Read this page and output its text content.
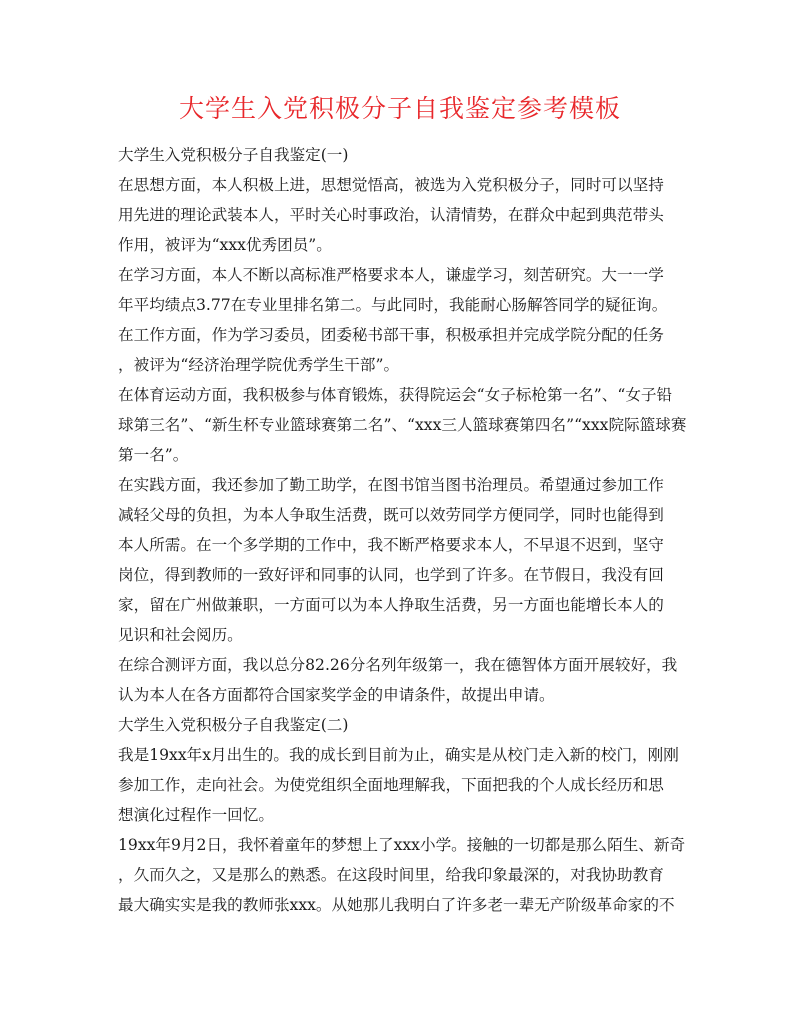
大学生入党积极分子自我鉴定参考模板
大学生入党积极分子自我鉴定(一)
在思想方面，本人积极上进，思想觉悟高，被选为入党积极分子，同时可以坚持
用先进的理论武装本人，平时关心时事政治，认清情势，在群众中起到典范带头
作用，被评为“xxx优秀团员”。
在学习方面，本人不断以高标准严格要求本人，谦虚学习，刻苦研究。大一一学
年平均绩点3.77在专业里排名第二。与此同时，我能耐心肠解答同学的疑征询。
在工作方面，作为学习委员，团委秘书部干事，积极承担并完成学院分配的任务
，被评为“经济治理学院优秀学生干部”。
在体育运动方面，我积极参与体育锻炼，获得院运会“女子标枪第一名”、“女子铅
球第三名”、“新生杯专业篮球赛第二名”、“xxx三人篮球赛第四名”“xxx院际篮球赛
第一名”。
在实践方面，我还参加了勤工助学，在图书馆当图书治理员。希望通过参加工作
减轻父母的负担，为本人争取生活费，既可以效劳同学方便同学，同时也能得到
本人所需。在一个多学期的工作中，我不断严格要求本人，不早退不迟到，坚守
岗位，得到教师的一致好评和同事的认同，也学到了许多。在节假日，我没有回
家，留在广州做兼职，一方面可以为本人挣取生活费，另一方面也能增长本人的
见识和社会阅历。
在综合测评方面，我以总分82.26分名列年级第一，我在德智体方面开展较好，我
认为本人在各方面都符合国家奖学金的申请条件，故提出申请。
大学生入党积极分子自我鉴定(二)
我是19xx年x月出生的。我的成长到目前为止，确实是从校门走入新的校门，刚刚
参加工作，走向社会。为使党组织全面地理解我，下面把我的个人成长经历和思
想演化过程作一回忆。
19xx年9月2日，我怀着童年的梦想上了xxx小学。接触的一切都是那么陌生、新奇
，久而久之，又是那么的熟悉。在这段时间里，给我印象最深的，对我协助教育
最大确实实是我的教师张xxx。从她那儿我明白了许多老一辈无产阶级革命家的不
